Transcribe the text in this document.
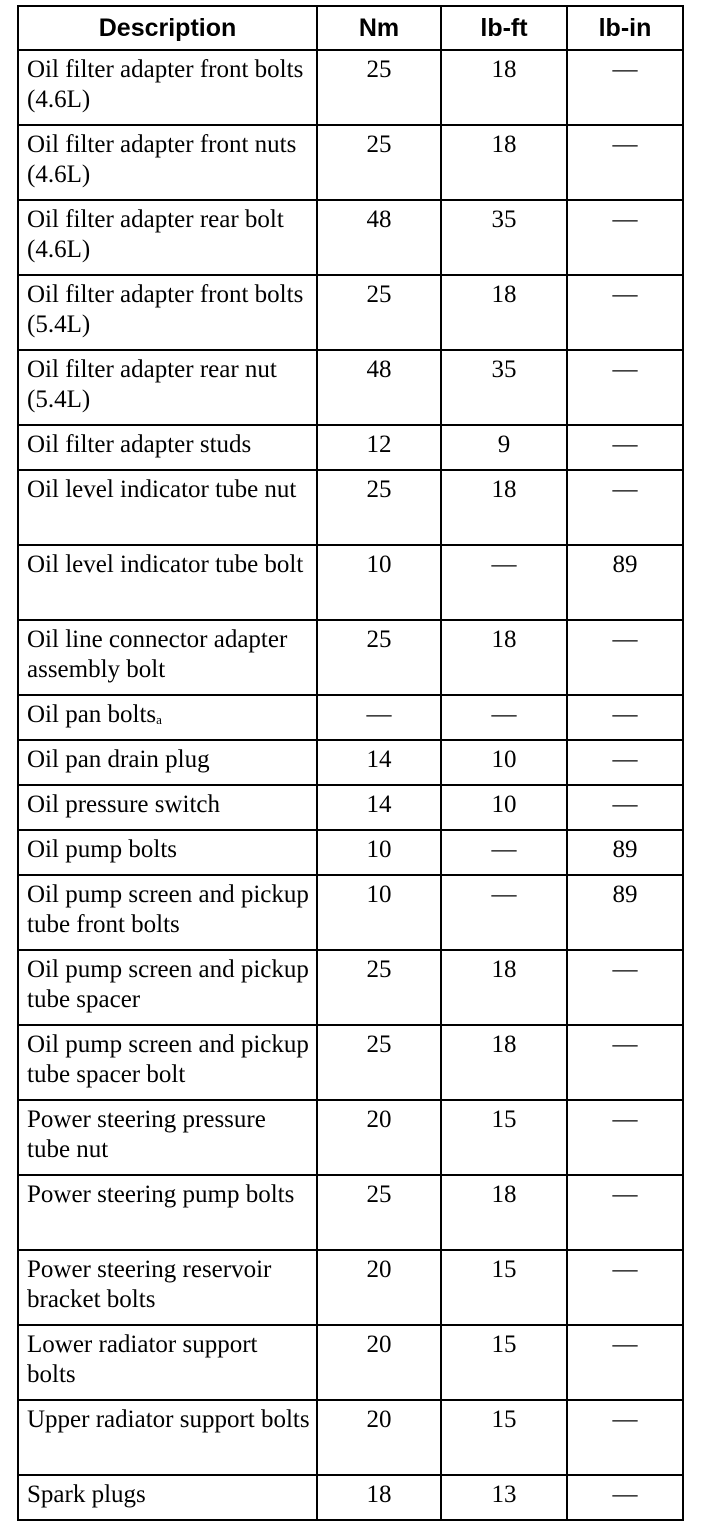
Description	Nm	lb-ft	lb-in
Oil filter adapter front bolts (4.6L)	25	18	—
Oil filter adapter front nuts (4.6L)	25	18	—
Oil filter adapter rear bolt (4.6L)	48	35	—
Oil filter adapter front bolts (5.4L)	25	18	—
Oil filter adapter rear nut (5.4L)	48	35	—
Oil filter adapter studs	12	9	—
Oil level indicator tube nut	25	18	—
Oil level indicator tube bolt	10	—	89
Oil line connector adapter assembly bolt	25	18	—
Oil pan boltsa	—	—	—
Oil pan drain plug	14	10	—
Oil pressure switch	14	10	—
Oil pump bolts	10	—	89
Oil pump screen and pickup tube front bolts	10	—	89
Oil pump screen and pickup tube spacer	25	18	—
Oil pump screen and pickup tube spacer bolt	25	18	—
Power steering pressure tube nut	20	15	—
Power steering pump bolts	25	18	—
Power steering reservoir bracket bolts	20	15	—
Lower radiator support bolts	20	15	—
Upper radiator support bolts	20	15	—
Spark plugs	18	13	—
